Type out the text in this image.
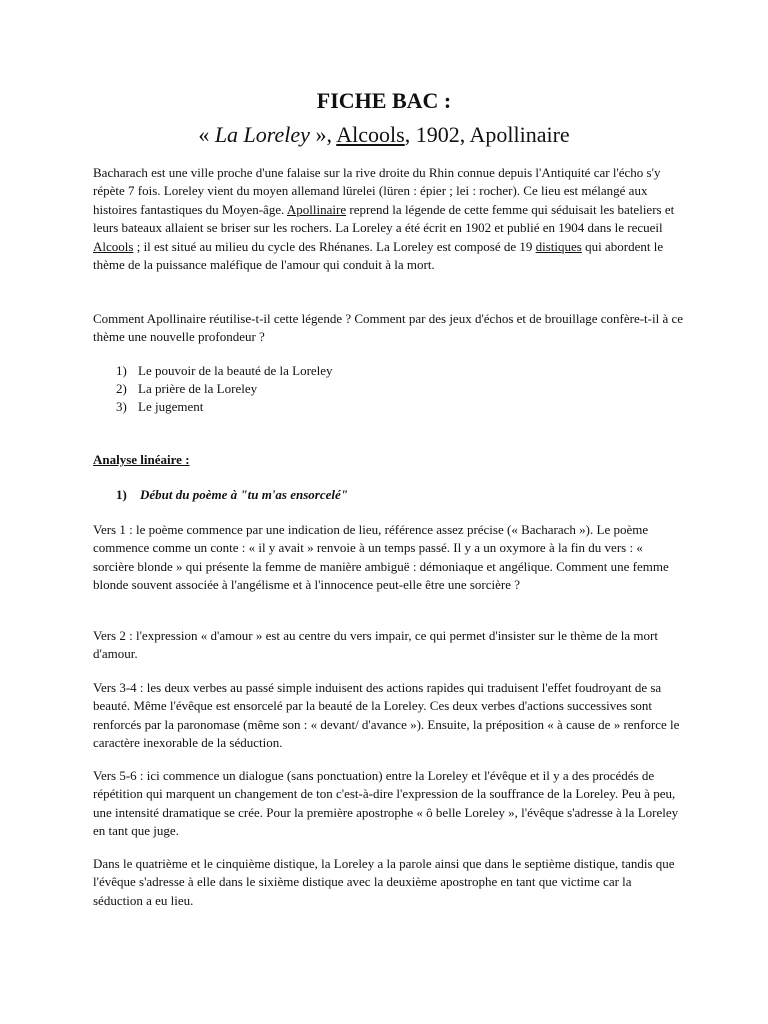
FICHE BAC :
« La Loreley », Alcools, 1902, Apollinaire
Bacharach est une ville proche d'une falaise sur la rive droite du Rhin connue depuis l'Antiquité car l'écho s'y répète 7 fois. Loreley vient du moyen allemand lürelei (lüren : épier ; lei : rocher). Ce lieu est mélangé aux histoires fantastiques du Moyen-âge. Apollinaire reprend la légende de cette femme qui séduisait les bateliers et leurs bateaux allaient se briser sur les rochers. La Loreley a été écrit en 1902 et publié en 1904 dans le recueil Alcools ; il est situé au milieu du cycle des Rhénanes. La Loreley est composé de 19 distiques qui abordent le thème de la puissance maléfique de l'amour qui conduit à la mort.
Comment Apollinaire réutilise-t-il cette légende ? Comment par des jeux d'échos et de brouillage confère-t-il à ce thème une nouvelle profondeur ?
1) Le pouvoir de la beauté de la Loreley
2) La prière de la Loreley
3) Le jugement
Analyse linéaire :
1)	Début du poème à "tu m'as ensorcelé"
Vers 1 : le poème commence par une indication de lieu, référence assez précise (« Bacharach »). Le poème commence comme un conte : « il y avait » renvoie à un temps passé. Il y a un oxymore à la fin du vers : « sorcière blonde » qui présente la femme de manière ambiguë : démoniaque et angélique. Comment une femme blonde souvent associée à l'angélisme et à l'innocence peut-elle être une sorcière ?
Vers 2 : l'expression « d'amour » est au centre du vers impair, ce qui permet d'insister sur le thème de la mort d'amour.
Vers 3-4 : les deux verbes au passé simple induisent des actions rapides qui traduisent l'effet foudroyant de sa beauté. Même l'évêque est ensorcelé par la beauté de la Loreley. Ces deux verbes d'actions successives sont renforcés par la paronomase (même son : « devant/ d'avance »). Ensuite, la préposition « à cause de » renforce le caractère inexorable de la séduction.
Vers 5-6 : ici commence un dialogue (sans ponctuation) entre la Loreley et l'évêque et il y a des procédés de répétition qui marquent un changement de ton c'est-à-dire l'expression de la souffrance de la Loreley. Peu à peu, une intensité dramatique se crée. Pour la première apostrophe « ô belle Loreley », l'évêque s'adresse à la Loreley en tant que juge.
Dans le quatrième et le cinquième distique, la Loreley a la parole ainsi que dans le septième distique, tandis que l'évêque s'adresse à elle dans le sixième distique avec la deuxième apostrophe en tant que victime car la séduction a eu lieu.
